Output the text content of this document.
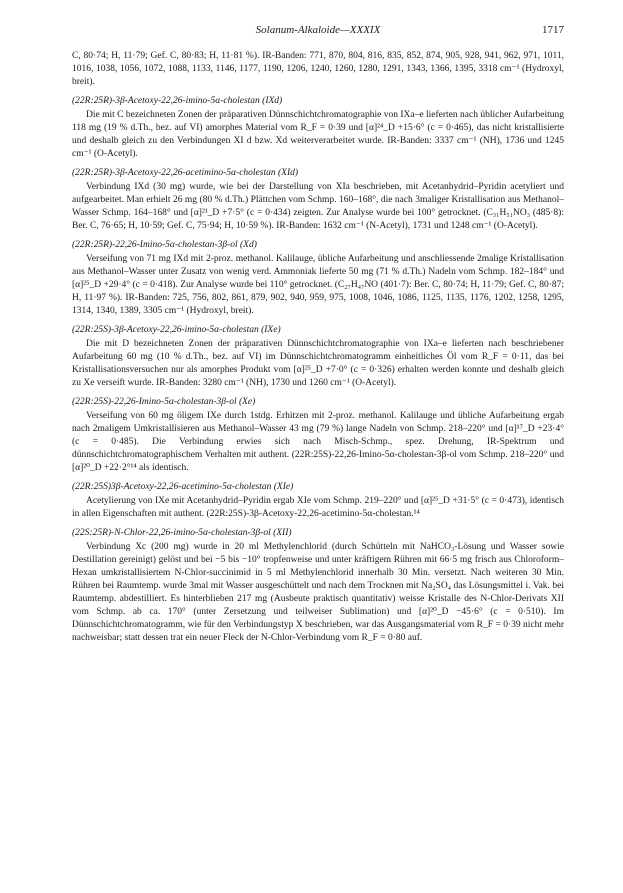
Solanum-Alkaloide—XXXIX	1717

C, 80·74; H, 11·79; Gef. C, 80·83; H, 11·81 %). IR-Banden: 771, 870, 804, 816, 835, 852, 874, 905, 928, 941, 962, 971, 1011, 1016, 1038, 1056, 1072, 1088, 1133, 1146, 1177, 1190, 1206, 1240, 1260, 1280, 1291, 1343, 1366, 1395, 3318 cm⁻¹ (Hydroxyl, breit).

(22R:25R)-3β-Acetoxy-22,26-imino-5α-cholestan (IXd)

Die mit C bezeichneten Zonen der präparativen Dünnschichtchromatographie von IXa–e lieferten nach üblicher Aufarbeitung 118 mg (19 % d.Th., bez. auf VI) amorphes Material vom R_F = 0·39 und [α]²⁴_D +15·6° (c = 0·465), das nicht kristallisierte und deshalb gleich zu den Verbindungen XI d bzw. Xd weiterverarbeitet wurde. IR-Banden: 3337 cm⁻¹ (NH), 1736 und 1245 cm⁻¹ (O-Acetyl).

(22R:25R)-3β-Acetoxy-22,26-acetimino-5α-cholestan (XId)

Verbindung IXd (30 mg) wurde, wie bei der Darstellung von XIa beschrieben, mit Acetanhydrid–Pyridin acetyliert und aufgearbeitet. Man erhielt 26 mg (80 % d.Th.) Plättchen vom Schmp. 160–168°, die nach 3maliger Kristallisation aus Methanol–Wasser Schmp. 164–168° und [α]²¹_D +7·5° (c = 0·434) zeigten. Zur Analyse wurde bei 100° getrocknet. (C₃₁H₅₁NO₃ (485·8): Ber. C, 76·65; H, 10·59; Gef. C, 75·94; H, 10·59 %). IR-Banden: 1632 cm⁻¹ (N-Acetyl), 1731 und 1248 cm⁻¹ (O-Acetyl).

(22R:25R)-22,26-Imino-5α-cholestan-3β-ol (Xd)

Verseifung von 71 mg IXd mit 2-proz. methanol. Kalilauge, übliche Aufarbeitung und anschliessende 2malige Kristallisation aus Methanol–Wasser unter Zusatz von wenig verd. Ammoniak lieferte 50 mg (71 % d.Th.) Nadeln vom Schmp. 182–184° und [α]²⁵_D +29·4° (c = 0·418). Zur Analyse wurde bei 110° getrocknet. (C₂₇H₄₇NO (401·7): Ber. C, 80·74; H, 11·79; Gef. C, 80·87; H, 11·97 %). IR-Banden: 725, 756, 802, 861, 879, 902, 940, 959, 975, 1008, 1046, 1086, 1125, 1135, 1176, 1202, 1258, 1295, 1314, 1340, 1389, 3305 cm⁻¹ (Hydroxyl, breit).

(22R:25S)-3β-Acetoxy-22,26-imino-5α-cholestan (IXe)

Die mit D bezeichneten Zonen der präparativen Dünnschichtchromatographie von IXa–e lieferten nach beschriebener Aufarbeitung 60 mg (10 % d.Th., bez. auf VI) im Dünnschichtchromatogramm einheitliches Öl vom R_F = 0·11, das bei Kristallisationsversuchen nur als amorphes Produkt vom [α]²⁵_D +7·0° (c = 0·326) erhalten werden konnte und deshalb gleich zu Xe verseift wurde. IR-Banden: 3280 cm⁻¹ (NH), 1730 und 1260 cm⁻¹ (O-Acetyl).

(22R:25S)-22,26-Imino-5α-cholestan-3β-ol (Xe)

Verseifung von 60 mg öligem IXe durch 1stdg. Erhitzen mit 2-proz. methanol. Kalilauge und übliche Aufarbeitung ergab nach 2maligem Umkristallisieren aus Methanol–Wasser 43 mg (79 %) lange Nadeln von Schmp. 218–220° und [α]¹⁷_D +23·4° (c = 0·485). Die Verbindung erwies sich nach Misch-Schmp., spez. Drehung, IR-Spektrum und dünnschichtchromatographischem Verhalten mit authent. (22R:25S)-22,26-Imino-5α-cholestan-3β-ol vom Schmp. 218–220° und [α]²⁰_D +22·2°¹⁴ als identisch.

(22R:25S)3β-Acetoxy-22,26-acetimino-5α-cholestan (XIe)

Acetylierung von IXe mit Acetanhydrid–Pyridin ergab XIe vom Schmp. 219–220° und [α]²⁵_D +31·5° (c = 0·473), identisch in allen Eigenschaften mit authent. (22R:25S)-3β-Acetoxy-22,26-acetimino-5α-cholestan.¹⁴

(22S:25R)-N-Chlor-22,26-imino-5α-cholestan-3β-ol (XII)

Verbindung Xc (200 mg) wurde in 20 ml Methylenchlorid (durch Schütteln mit NaHCO₃-Lösung und Wasser sowie Destillation gereinigt) gelöst und bei −5 bis −10° tropfenweise und unter kräftigem Rühren mit 66·5 mg frisch aus Chloroform–Hexan umkristallisiertem N-Chlor-succinimid in 5 ml Methylenchlorid innerhalb 30 Min. versetzt. Nach weiteren 30 Min. Rühren bei Raumtemp. wurde 3mal mit Wasser ausgeschüttelt und nach dem Trocknen mit Na₂SO₄ das Lösungsmittel i. Vak. bei Raumtemp. abdestilliert. Es hinterblieben 217 mg (Ausbeute praktisch quantitativ) weisse Kristalle des N-Chlor-Derivats XII vom Schmp. ab ca. 170° (unter Zersetzung und teilweiser Sublimation) und [α]²⁰_D −45·6° (c = 0·510). Im Dünnschichtchromatogramm, wie für den Verbindungstyp X beschrieben, war das Ausgangsmaterial vom R_F = 0·39 nicht mehr nachweisbar; statt dessen trat ein neuer Fleck der N-Chlor-Verbindung vom R_F = 0·80 auf.
